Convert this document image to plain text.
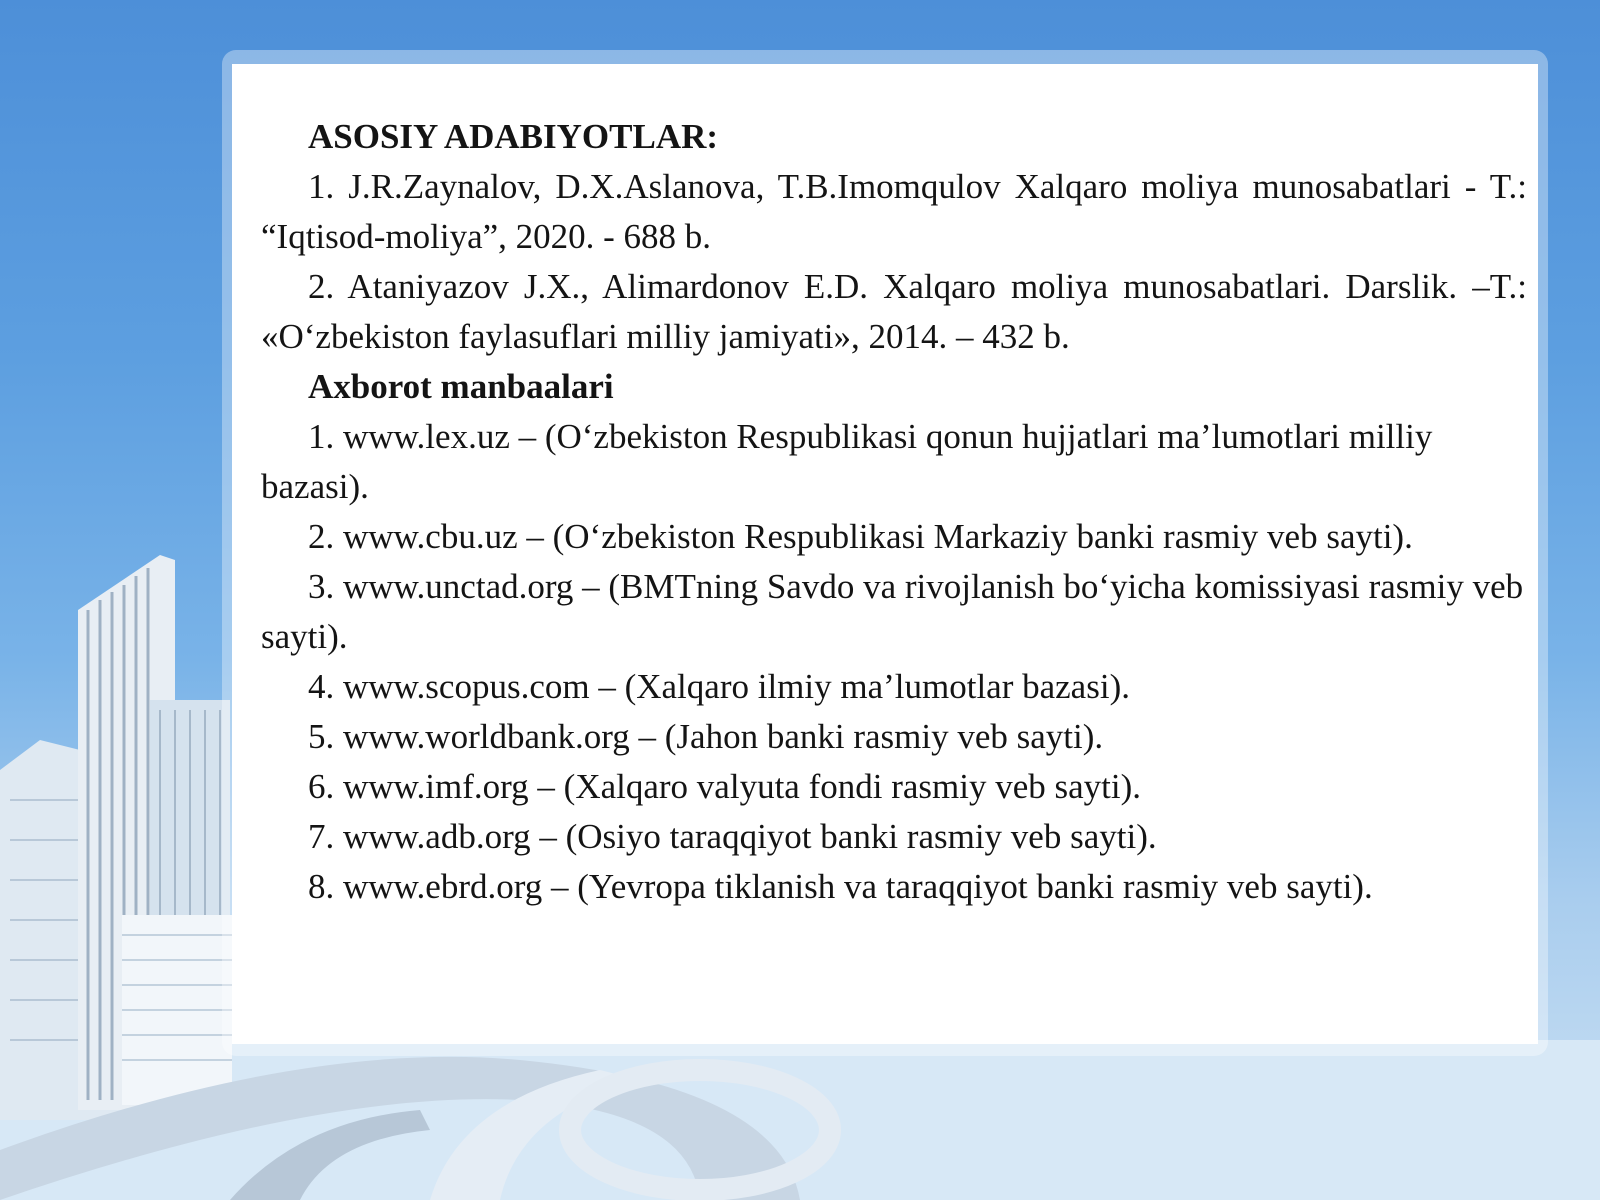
ASOSIY ADABIYOTLAR:

1. J.R.Zaynalov, D.X.Aslanova, T.B.Imomqulov Xalqaro moliya munosabatlari - T.: “Iqtisod-moliya”, 2020. - 688 b.

2. Ataniyazov J.X., Alimardonov E.D. Xalqaro moliya munosabatlari. Darslik. –T.: «O‘zbekiston faylasuflari milliy jamiyati», 2014. – 432 b.

Axborot manbaalari

1. www.lex.uz – (O‘zbekiston Respublikasi qonun hujjatlari ma’lumotlari milliy bazasi).

2. www.cbu.uz – (O‘zbekiston Respublikasi Markaziy banki rasmiy veb sayti).

3. www.unctad.org – (BMTning Savdo va rivojlanish bo‘yicha komissiyasi rasmiy veb sayti).

4. www.scopus.com – (Xalqaro ilmiy ma’lumotlar bazasi).

5. www.worldbank.org – (Jahon banki rasmiy veb sayti).

6. www.imf.org – (Xalqaro valyuta fondi rasmiy veb sayti).

7. www.adb.org – (Osiyo taraqqiyot banki rasmiy veb sayti).

8. www.ebrd.org – (Yevropa tiklanish va taraqqiyot banki rasmiy veb sayti).
